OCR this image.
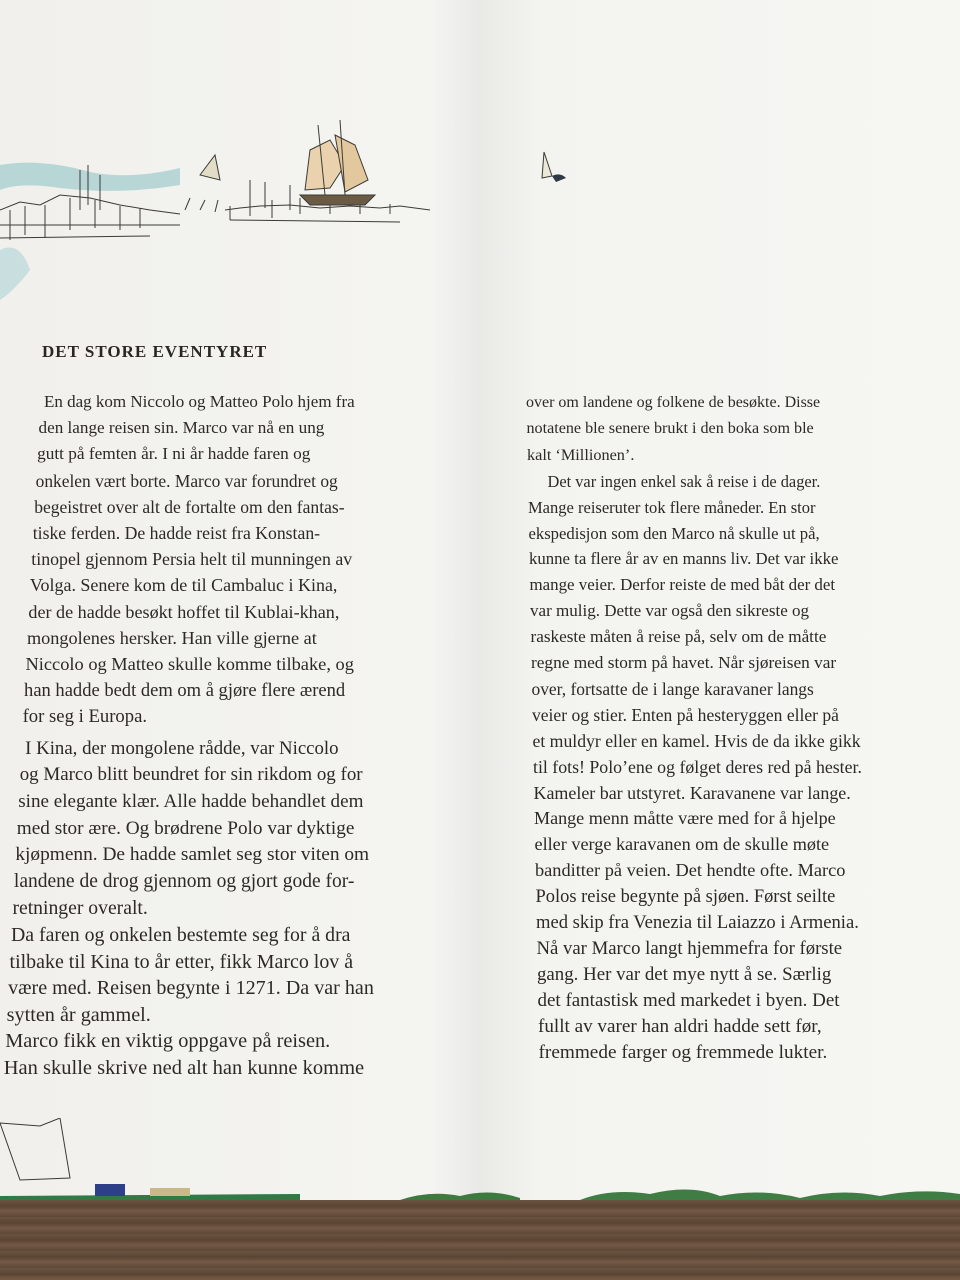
DET STORE EVENTYRET
En dag kom Niccolo og Matteo Polo hjem fra
den lange reisen sin. Marco var nå en ung
gutt på femten år. I ni år hadde faren og
onkelen vært borte. Marco var forundret og
begeistret over alt de fortalte om den fantas-
tiske ferden. De hadde reist fra Konstan-
tinopel gjennom Persia helt til munningen av
Volga. Senere kom de til Cambaluc i Kina,
der de hadde besøkt hoffet til Kublai-khan,
mongolenes hersker. Han ville gjerne at
Niccolo og Matteo skulle komme tilbake, og
han hadde bedt dem om å gjøre flere ærend
for seg i Europa.
I Kina, der mongolene rådde, var Niccolo
og Marco blitt beundret for sin rikdom og for
sine elegante klær. Alle hadde behandlet dem
med stor ære. Og brødrene Polo var dyktige
kjøpmenn. De hadde samlet seg stor viten om
landene de drog gjennom og gjort gode for-
retninger overalt.
Da faren og onkelen bestemte seg for å dra
tilbake til Kina to år etter, fikk Marco lov å
være med. Reisen begynte i 1271. Da var han
sytten år gammel.
Marco fikk en viktig oppgave på reisen.
Han skulle skrive ned alt han kunne komme
over om landene og folkene de besøkte. Disse
notatene ble senere brukt i den boka som ble
kalt ‘Millionen’.
Det var ingen enkel sak å reise i de dager.
Mange reiseruter tok flere måneder. En stor
ekspedisjon som den Marco nå skulle ut på,
kunne ta flere år av en manns liv. Det var ikke
mange veier. Derfor reiste de med båt der det
var mulig. Dette var også den sikreste og
raskeste måten å reise på, selv om de måtte
regne med storm på havet. Når sjøreisen var
over, fortsatte de i lange karavaner langs
veier og stier. Enten på hesteryggen eller på
et muldyr eller en kamel. Hvis de da ikke gikk
til fots! Polo’ene og følget deres red på hester.
Kameler bar utstyret. Karavanene var lange.
Mange menn måtte være med for å hjelpe
eller verge karavanen om de skulle møte
banditter på veien. Det hendte ofte. Marco
Polos reise begynte på sjøen. Først seilte
med skip fra Venezia til Laiazzo i Armenia.
Nå var Marco langt hjemmefra for første
gang. Her var det mye nytt å se. Særlig
det fantastisk med markedet i byen. Det
fullt av varer han aldri hadde sett før,
fremmede farger og fremmede lukter.
